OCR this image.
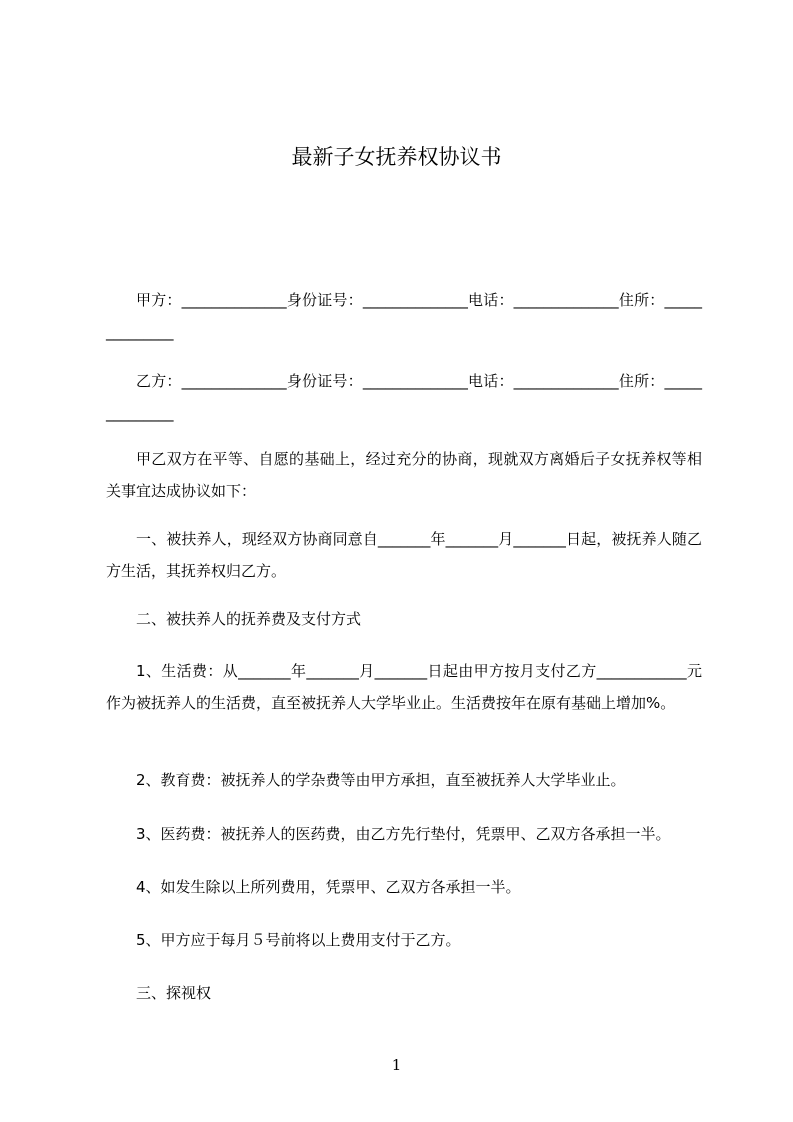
最新子女抚养权协议书
甲方：______________身份证号：______________电话：______________住所：______________
乙方：______________身份证号：______________电话：______________住所：______________
甲乙双方在平等、自愿的基础上，经过充分的协商，现就双方离婚后子女抚养权等相关事宜达成协议如下：
一、被扶养人，现经双方协商同意自_______年_______月_______日起，被抚养人随乙方生活，其抚养权归乙方。
二、被扶养人的抚养费及支付方式
1、生活费：从_______年_______月_______日起由甲方按月支付乙方____________元作为被抚养人的生活费，直至被抚养人大学毕业止。生活费按年在原有基础上增加%。
2、教育费：被抚养人的学杂费等由甲方承担，直至被抚养人大学毕业止。
3、医药费：被抚养人的医药费，由乙方先行垫付，凭票甲、乙双方各承担一半。
4、如发生除以上所列费用，凭票甲、乙双方各承担一半。
5、甲方应于每月５号前将以上费用支付于乙方。
三、探视权
1
